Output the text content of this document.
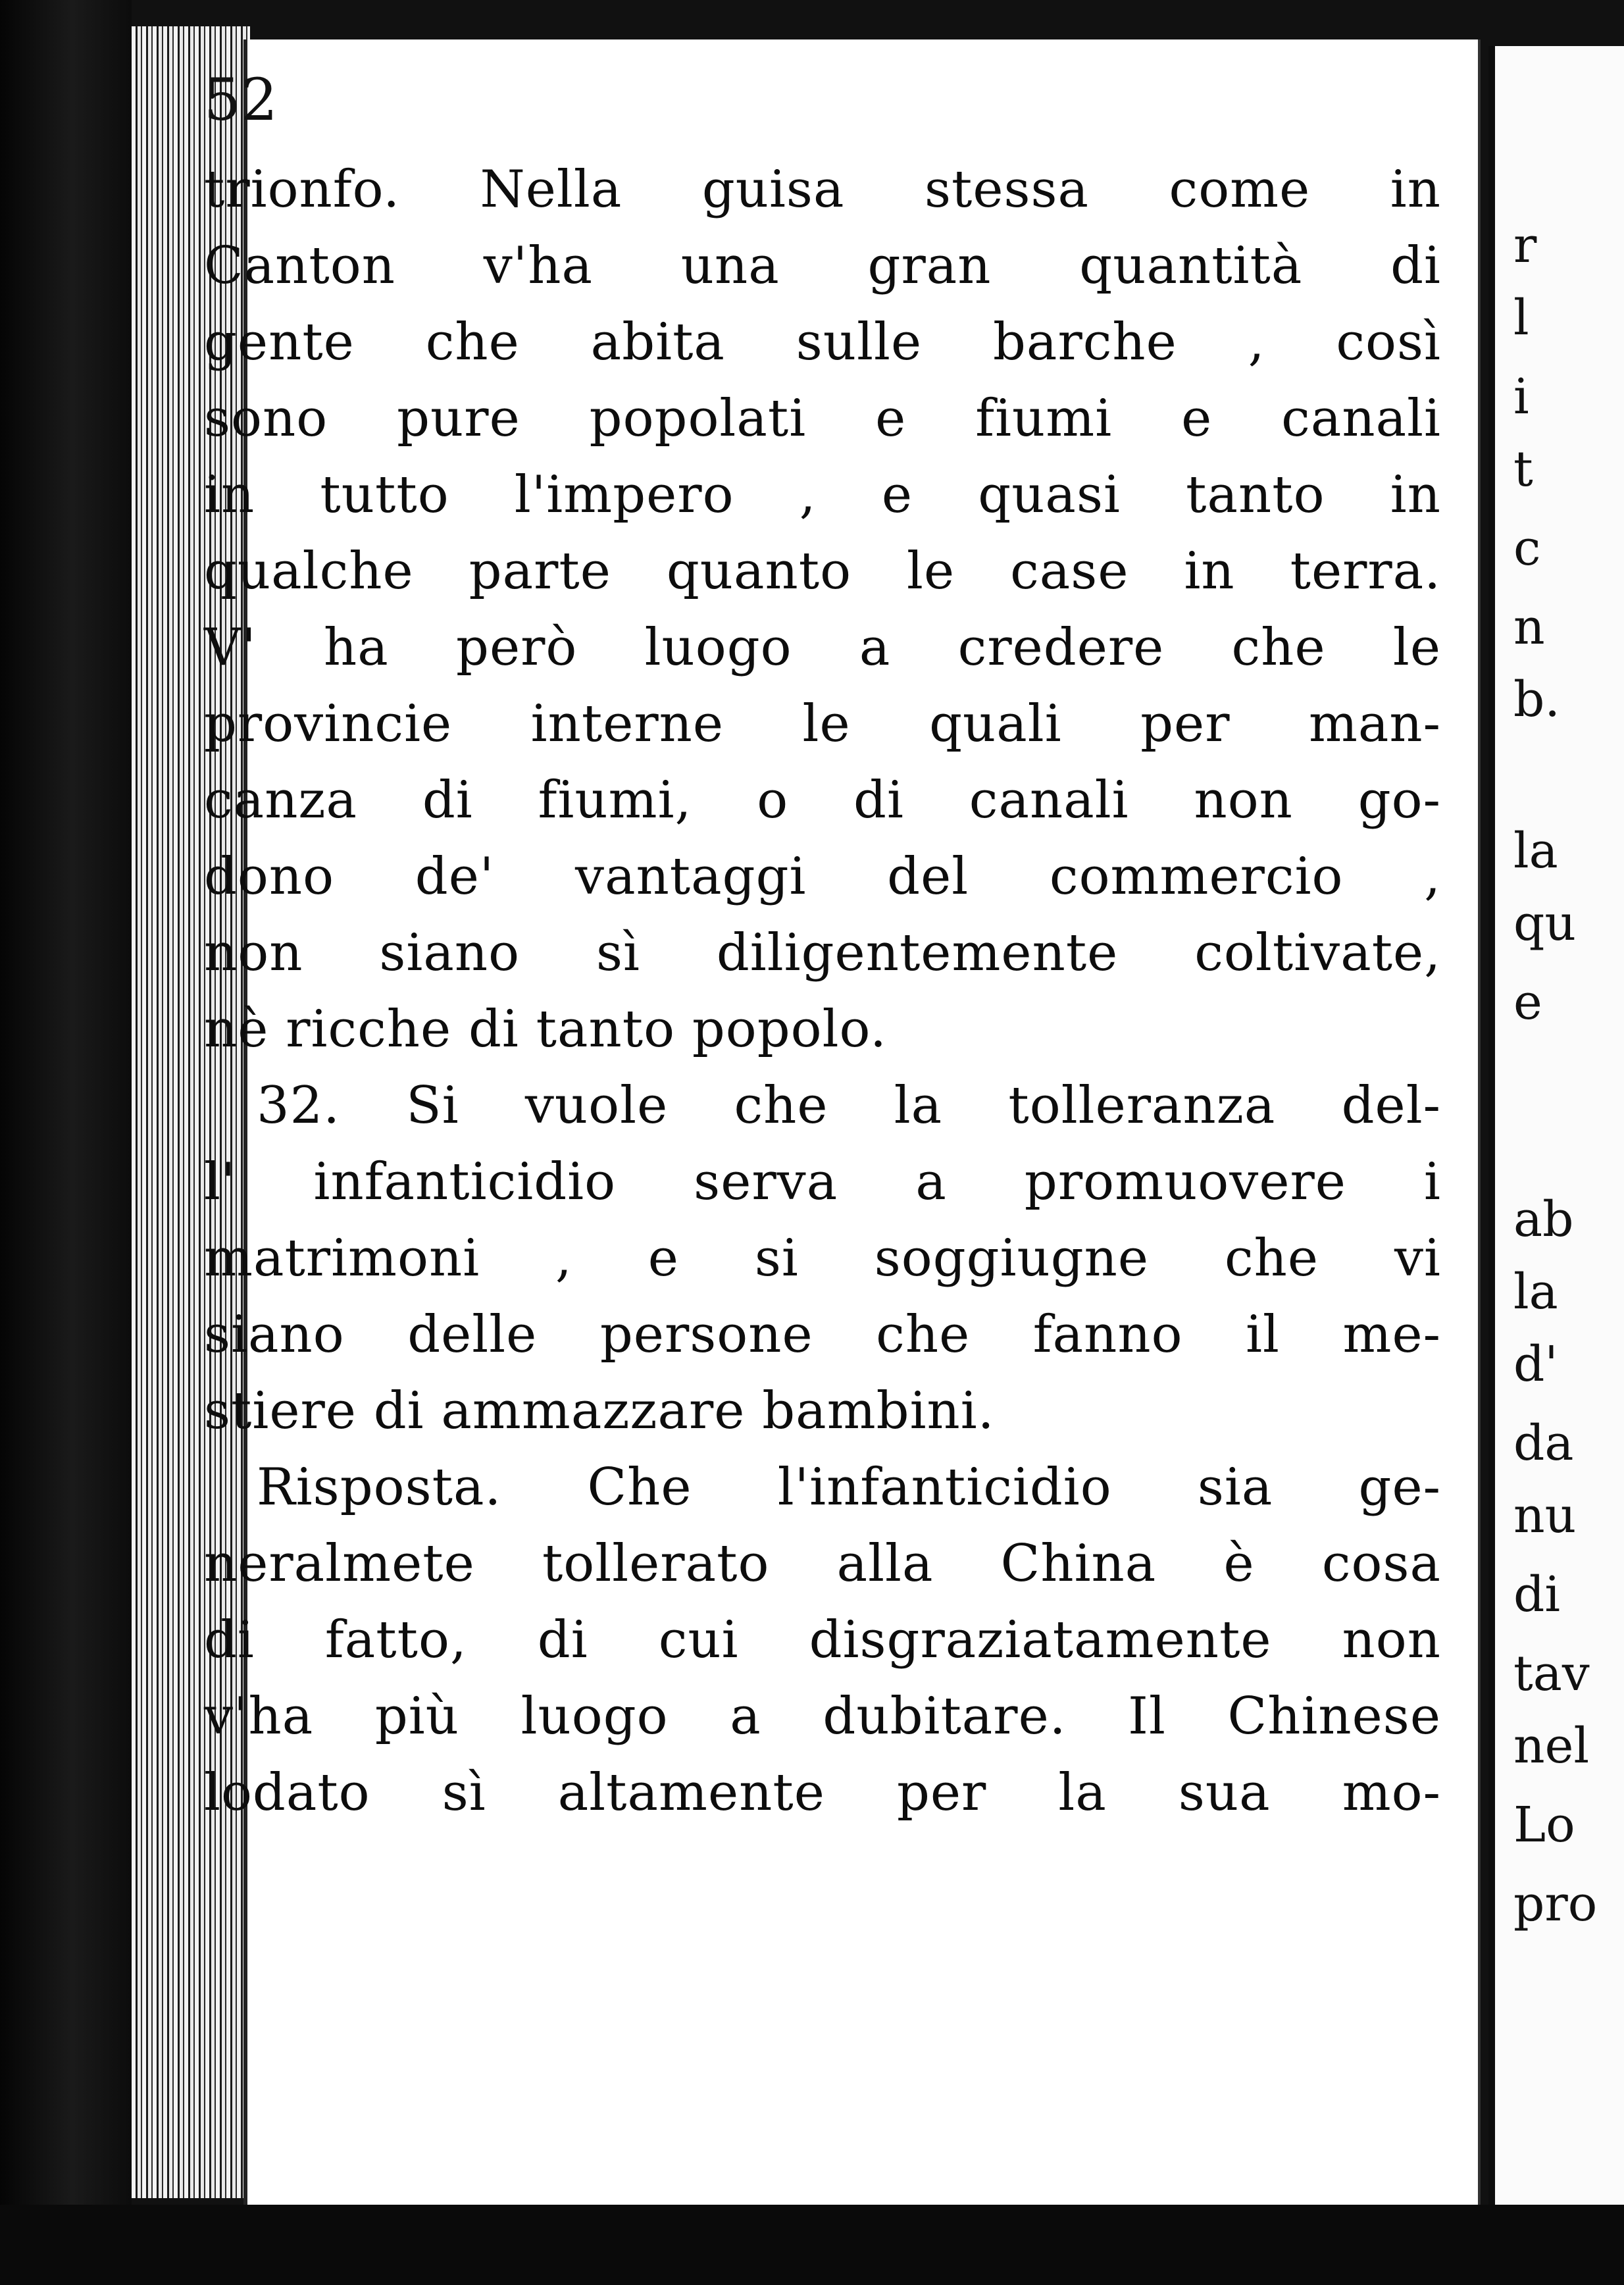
52

trionfo. Nella guisa stessa come in
Canton v'ha una gran quantità di
gente che abita sulle barche , così
sono pure popolati e fiumi e canali
in tutto l'impero , e quasi tanto in
qualche parte quanto le case in terra.
V' ha però luogo a credere che le
provincie interne le quali per man-
canza di fiumi, o di canali non go-
dono de' vantaggi del commercio ,
non siano sì diligentemente coltivate,
nè ricche di tanto popolo.
32. Si vuole che la tolleranza del-
l' infanticidio serva a promuovere i
matrimoni , e si soggiugne che vi
siano delle persone che fanno il me-
stiere di ammazzare bambini.
Risposta. Che l'infanticidio sia ge-
neralmete tollerato alla China è cosa
di fatto, di cui disgraziatamente non
v'ha più luogo a dubitare. Il Chinese
lodato sì altamente per la sua mo-
r
l
i
t
c
n
b.
la
qu
e
ab
la
d'
da
nu
di
tav
nel
Lo
pro
